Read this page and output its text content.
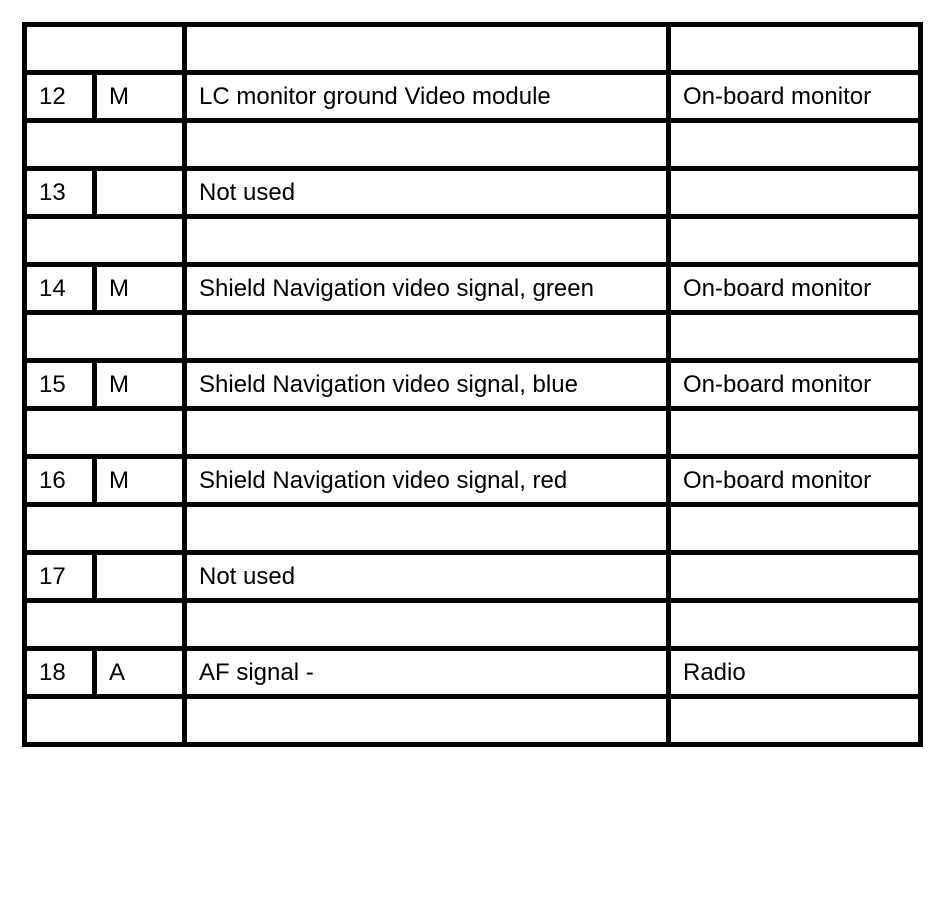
12	M	LC monitor ground Video module	On-board monitor

13		Not used	

14	M	Shield Navigation video signal, green	On-board monitor

15	M	Shield Navigation video signal, blue	On-board monitor

16	M	Shield Navigation video signal, red	On-board monitor

17		Not used	

18	A	AF signal -	Radio
